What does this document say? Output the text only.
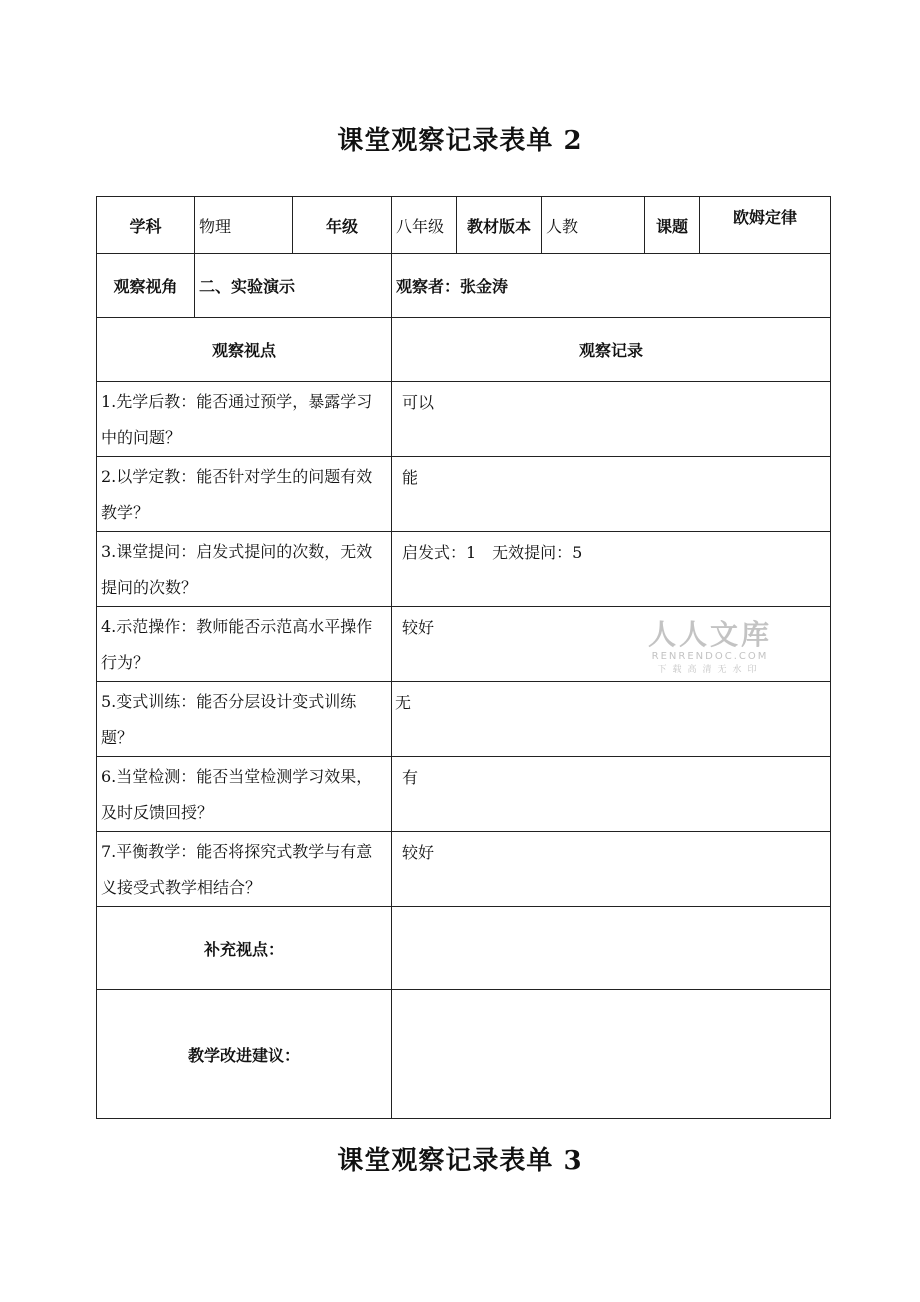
课堂观察记录表单 2
学科	物理	年级	八年级	教材版本	人教	课题	欧姆定律
观察视角	二、实验演示		观察者：张金涛				
观察视点			观察记录				
1.先学后教：能否通过预学，暴露学习中的问题？			可以				
2.以学定教：能否针对学生的问题有效教学？			能				
3.课堂提问：启发式提问的次数，无效提问的次数？			启发式：1　无效提问：5				
4.示范操作：教师能否示范高水平操作行为？			较好				
5.变式训练：能否分层设计变式训练题？			无				
6.当堂检测：能否当堂检测学习效果，及时反馈回授？			有				
7.平衡教学：能否将探究式教学与有意义接受式教学相结合？			较好				
补充视点：							
教学改进建议：							
人人文库
RENRENDOC.COM
下载高清无水印
课堂观察记录表单 3
